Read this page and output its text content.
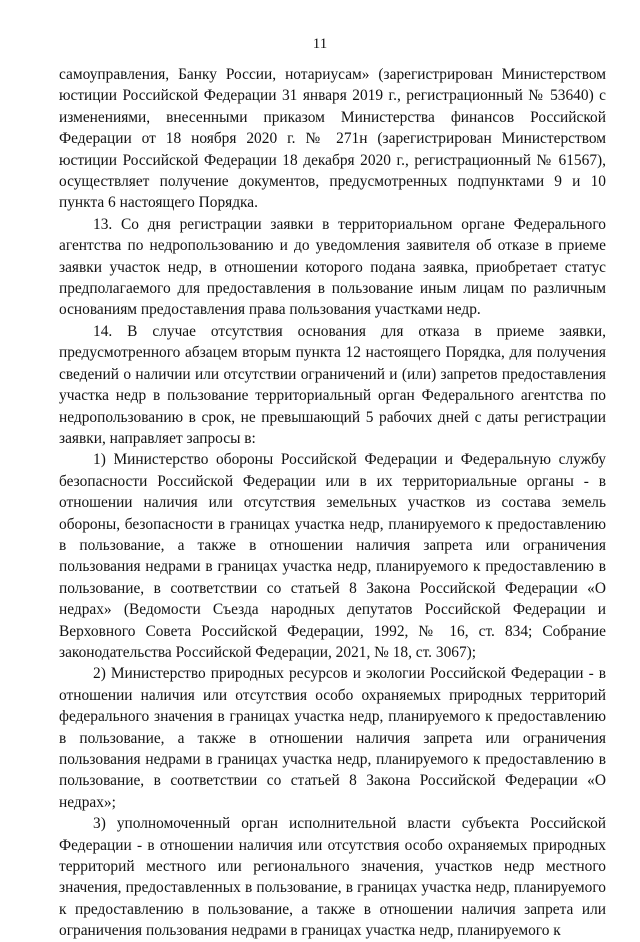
11

самоуправления, Банку России, нотариусам» (зарегистрирован Министерством юстиции Российской Федерации 31 января 2019 г., регистрационный № 53640) с изменениями, внесенными приказом Министерства финансов Российской Федерации от 18 ноября 2020 г. № 271н (зарегистрирован Министерством юстиции Российской Федерации 18 декабря 2020 г., регистрационный № 61567), осуществляет получение документов, предусмотренных подпунктами 9 и 10 пункта 6 настоящего Порядка.

13. Со дня регистрации заявки в территориальном органе Федерального агентства по недропользованию и до уведомления заявителя об отказе в приеме заявки участок недр, в отношении которого подана заявка, приобретает статус предполагаемого для предоставления в пользование иным лицам по различным основаниям предоставления права пользования участками недр.

14. В случае отсутствия основания для отказа в приеме заявки, предусмотренного абзацем вторым пункта 12 настоящего Порядка, для получения сведений о наличии или отсутствии ограничений и (или) запретов предоставления участка недр в пользование территориальный орган Федерального агентства по недропользованию в срок, не превышающий 5 рабочих дней с даты регистрации заявки, направляет запросы в:

1) Министерство обороны Российской Федерации и Федеральную службу безопасности Российской Федерации или в их территориальные органы - в отношении наличия или отсутствия земельных участков из состава земель обороны, безопасности в границах участка недр, планируемого к предоставлению в пользование, а также в отношении наличия запрета или ограничения пользования недрами в границах участка недр, планируемого к предоставлению в пользование, в соответствии со статьей 8 Закона Российской Федерации «О недрах» (Ведомости Съезда народных депутатов Российской Федерации и Верховного Совета Российской Федерации, 1992, № 16, ст. 834; Собрание законодательства Российской Федерации, 2021, № 18, ст. 3067);

2) Министерство природных ресурсов и экологии Российской Федерации - в отношении наличия или отсутствия особо охраняемых природных территорий федерального значения в границах участка недр, планируемого к предоставлению в пользование, а также в отношении наличия запрета или ограничения пользования недрами в границах участка недр, планируемого к предоставлению в пользование, в соответствии со статьей 8 Закона Российской Федерации «О недрах»;

3) уполномоченный орган исполнительной власти субъекта Российской Федерации - в отношении наличия или отсутствия особо охраняемых природных территорий местного или регионального значения, участков недр местного значения, предоставленных в пользование, в границах участка недр, планируемого к предоставлению в пользование, а также в отношении наличия запрета или ограничения пользования недрами в границах участка недр, планируемого к
